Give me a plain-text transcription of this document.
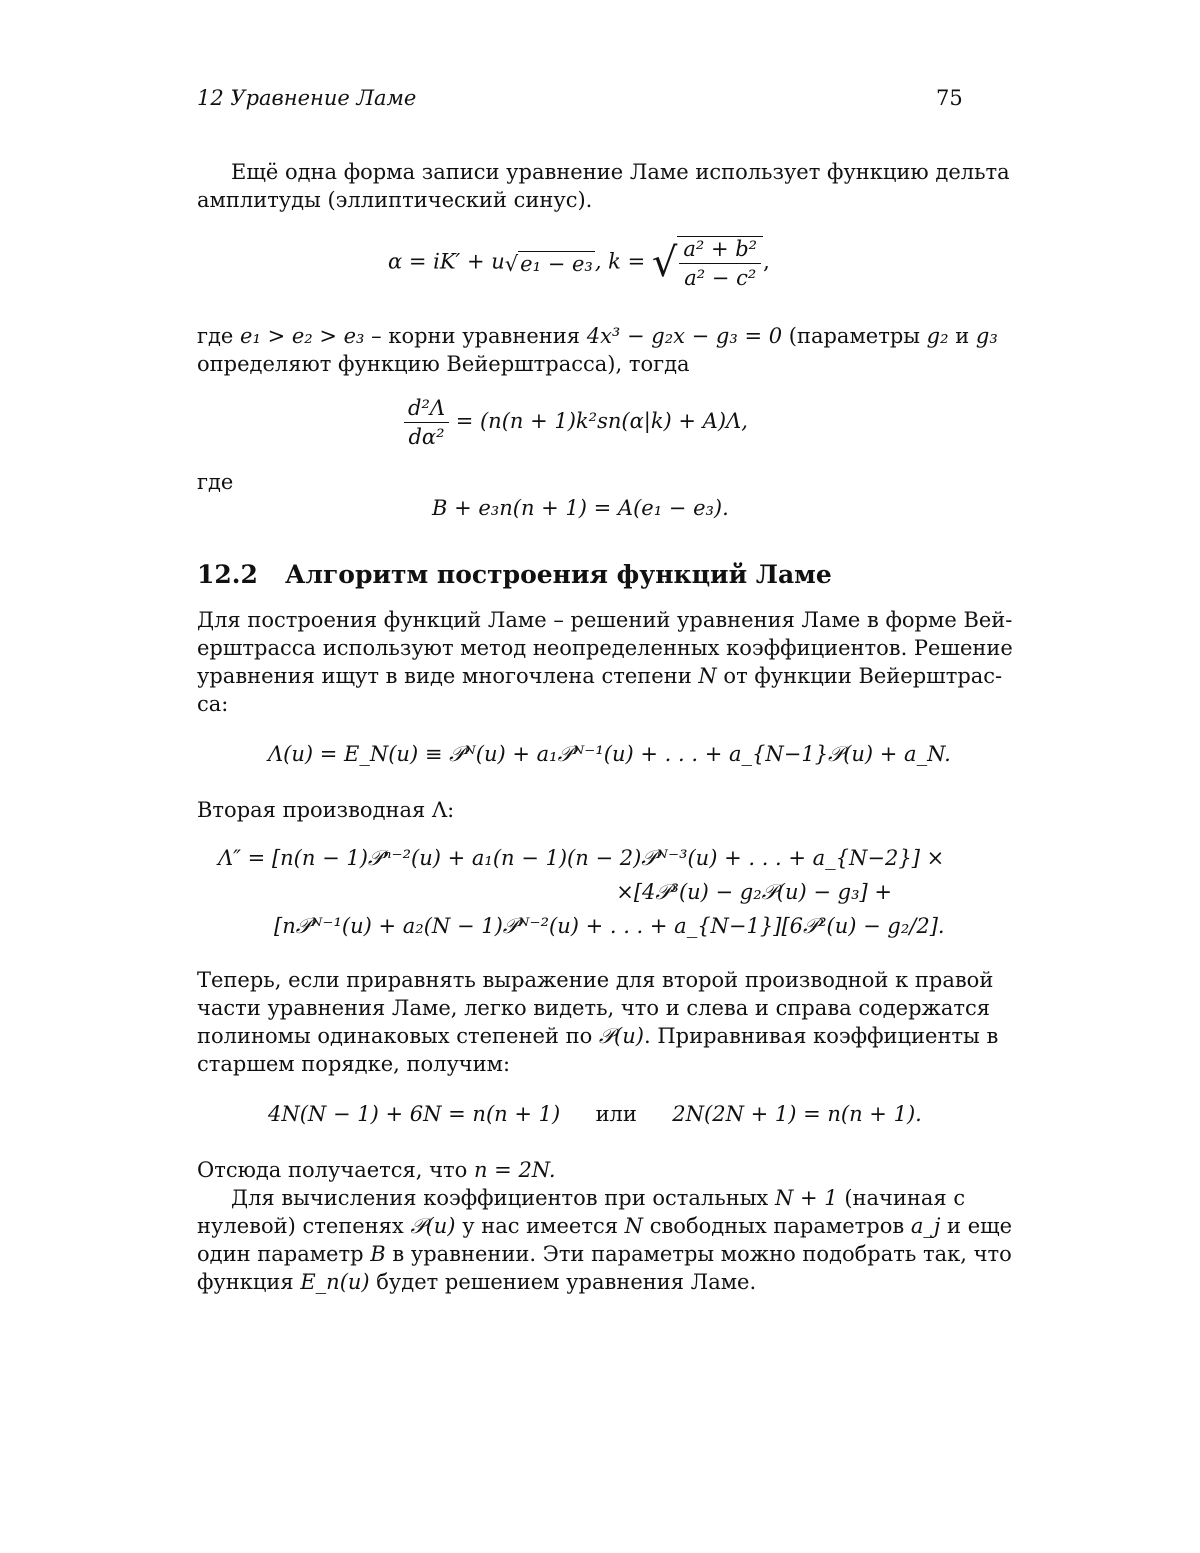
12 Уравнение Ламе	75
Ещё одна форма записи уравнение Ламе использует функцию дельта
амплитуды (эллиптический синус).
α = iK′ + u√e₁ − e₃, k = √ $\frac{\text{a² + b²}}{\text{a² − c²}}$ ,
где e₁ > e₂ > e₃ – корни уравнения 4x³ − g₂x − g₃ = 0 (параметры g₂ и g₃
определяют функцию Вейерштрасса), тогда
$\frac{\text{d²Λ}}{\text{dα²}} = (n(n + 1)k^2sn(\alpha|k) + A)\Lambda$,
где
B + e₃n(n + 1) = A(e₁ − e₃).
12.2 Алгоритм построения функций Ламе
Для построения функций Ламе – решений уравнения Ламе в форме Вей-
ерштрасса используют метод неопределенных коэффициентов. Решение
уравнения ищут в виде многочлена степени N от функции Вейерштрас-
са:
Λ(u) = E_N(u) ≡ 𝒫ᴺ(u) + a₁𝒫ᴺ⁻¹(u) + . . . + a_{N−1}𝒫(u) + a_N.
Вторая производная Λ:
Λ″ = [n(n − 1)𝒫ⁿ⁻²(u) + a₁(n − 1)(n − 2)𝒫ᴺ⁻³(u) + . . . + a_{N−2}] ×
×[4𝒫³(u) − g₂𝒫(u) − g₃] +
[n𝒫ᴺ⁻¹(u) + a₂(N − 1)𝒫ᴺ⁻²(u) + . . . + a_{N−1}][6𝒫²(u) − g₂/2].
Теперь, если приравнять выражение для второй производной к правой
части уравнения Ламе, легко видеть, что и слева и справа содержатся
полиномы одинаковых степеней по 𝒫(u). Приравнивая коэффициенты в
старшем порядке, получим:
4N(N − 1) + 6N = n(n + 1) или 2N(2N + 1) = n(n + 1).
Отсюда получается, что n = 2N.
Для вычисления коэффициентов при остальных N + 1 (начиная с
нулевой) степенях 𝒫(u) у нас имеется N свободных параметров a_j и еще
один параметр B в уравнении. Эти параметры можно подобрать так, что
функция E_n(u) будет решением уравнения Ламе.
